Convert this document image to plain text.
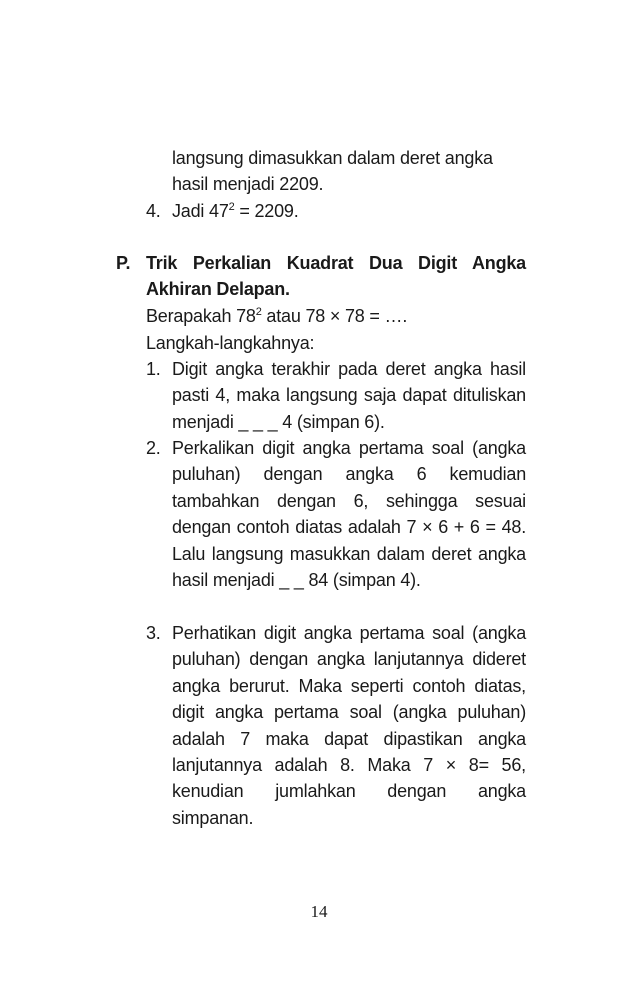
langsung dimasukkan dalam deret angka
hasil menjadi 2209.
4. Jadi $47^2 = 2209$.
P. Trik Perkalian Kuadrat Dua Digit Angka
Akhiran Delapan.
Berapakah $78^2$ atau 78 × 78 = ….
Langkah-langkahnya:
1. Digit angka terakhir pada deret angka hasil pasti 4, maka langsung saja dapat dituliskan menjadi _ _ _ 4 (simpan 6).
2. Perkalikan digit angka pertama soal (angka puluhan) dengan angka 6 kemudian tambahkan dengan 6, sehingga sesuai dengan contoh diatas adalah 7 × 6 + 6 = 48. Lalu langsung masukkan dalam deret angka hasil menjadi _ _ 84 (simpan 4).
3. Perhatikan digit angka pertama soal (angka puluhan) dengan angka lanjutannya dideret angka berurut. Maka seperti contoh diatas, digit angka pertama soal (angka puluhan) adalah 7 maka dapat dipastikan angka lanjutannya adalah 8. Maka 7 × 8= 56, kenudian jumlahkan dengan angka simpanan.
14
